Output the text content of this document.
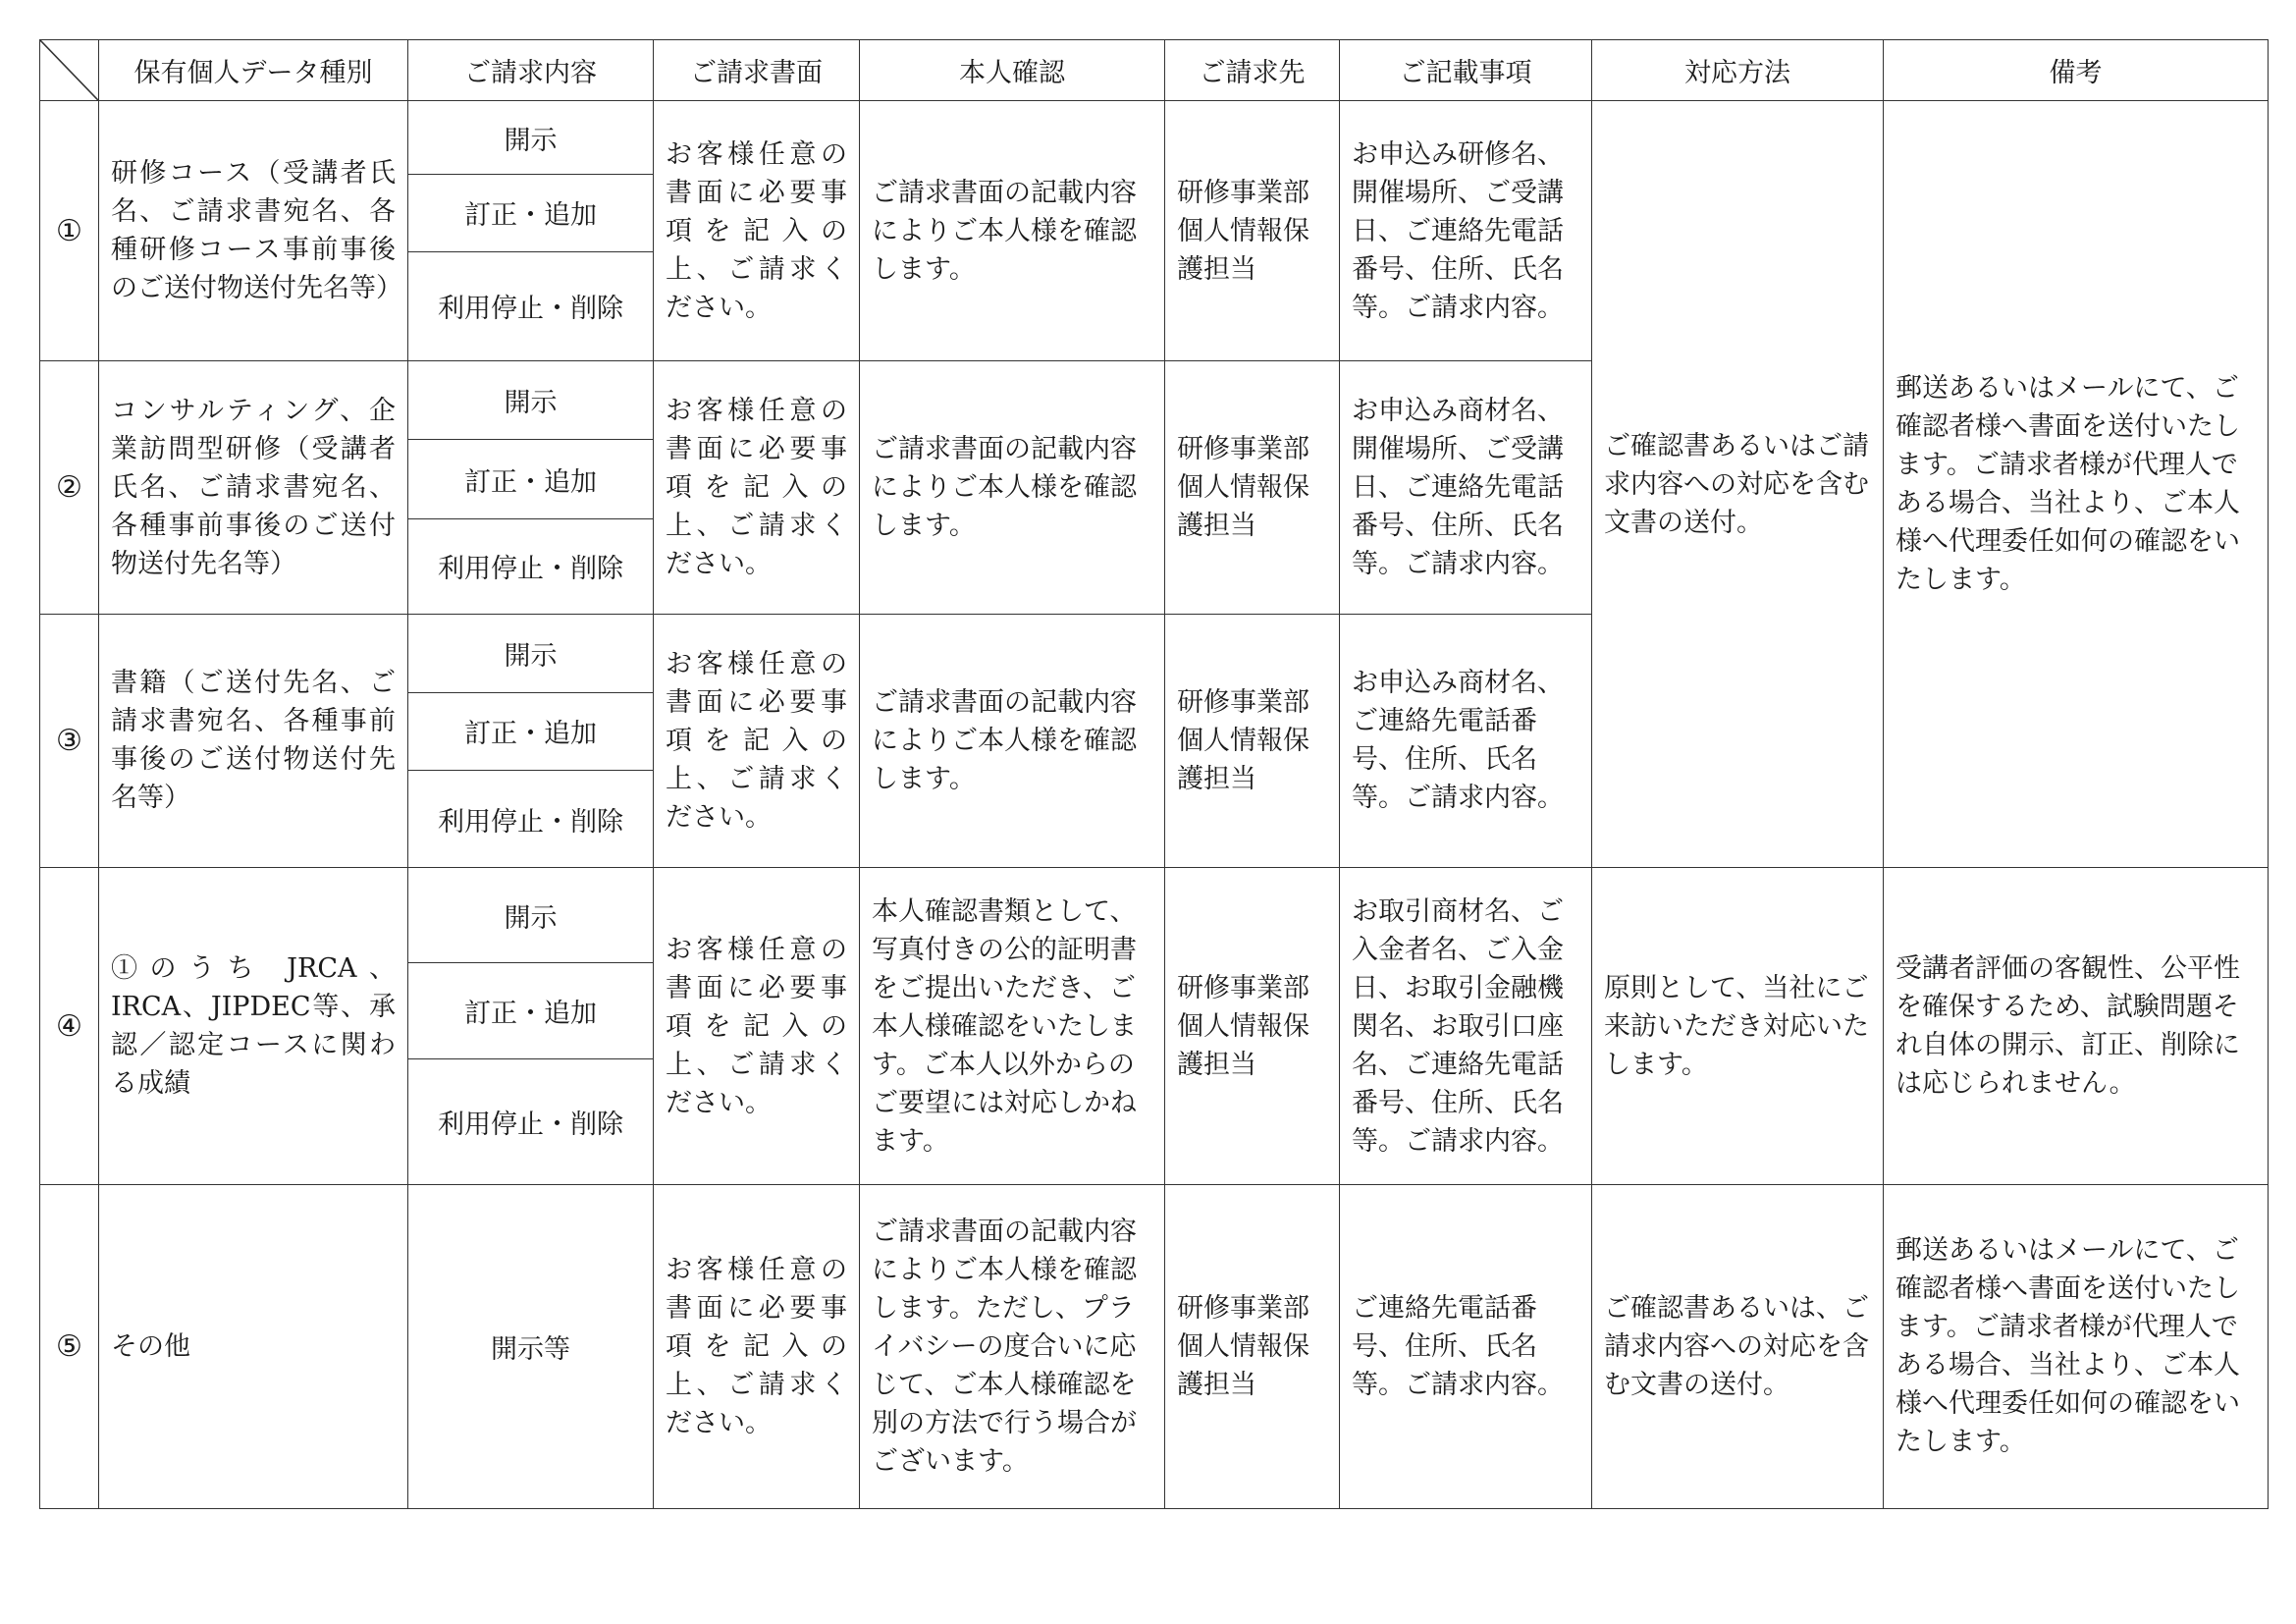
	保有個人データ種別	ご請求内容	ご請求書面	本人確認	ご請求先	ご記載事項	対応方法	備考
①	研修コース（受講者氏名、ご請求書宛名、各種研修コース事前事後のご送付物送付先名等）	開示	お客様任意の書面に必要事項を記入の上、ご請求ください。	ご請求書面の記載内容によりご本人様を確認します。	研修事業部個人情報保護担当	お申込み研修名、開催場所、ご受講日、ご連絡先電話番号、住所、氏名等。ご請求内容。	ご確認書あるいはご請求内容への対応を含む文書の送付。	郵送あるいはメールにて、ご確認者様へ書面を送付いたします。ご請求者様が代理人である場合、当社より、ご本人様へ代理委任如何の確認をいたします。
		訂正・追加						
		利用停止・削除						
②	コンサルティング、企業訪問型研修（受講者氏名、ご請求書宛名、各種事前事後のご送付物送付先名等）	開示	お客様任意の書面に必要事項を記入の上、ご請求ください。	ご請求書面の記載内容によりご本人様を確認します。	研修事業部個人情報保護担当	お申込み商材名、開催場所、ご受講日、ご連絡先電話番号、住所、氏名等。ご請求内容。		
		訂正・追加						
		利用停止・削除						
③	書籍（ご送付先名、ご請求書宛名、各種事前事後のご送付物送付先名等）	開示	お客様任意の書面に必要事項を記入の上、ご請求ください。	ご請求書面の記載内容によりご本人様を確認します。	研修事業部個人情報保護担当	お申込み商材名、ご連絡先電話番号、住所、氏名等。ご請求内容。		
		訂正・追加						
		利用停止・削除						
④	①のうち JRCA、IRCA、JIPDEC等、承認／認定コースに関わる成績	開示	お客様任意の書面に必要事項を記入の上、ご請求ください。	本人確認書類として、写真付きの公的証明書をご提出いただき、ご本人様確認をいたします。ご本人以外からのご要望には対応しかねます。	研修事業部個人情報保護担当	お取引商材名、ご入金者名、ご入金日、お取引金融機関名、お取引口座名、ご連絡先電話番号、住所、氏名等。ご請求内容。	原則として、当社にご来訪いただき対応いたします。	受講者評価の客観性、公平性を確保するため、試験問題それ自体の開示、訂正、削除には応じられません。
		訂正・追加						
		利用停止・削除						
⑤	その他	開示等	お客様任意の書面に必要事項を記入の上、ご請求ください。	ご請求書面の記載内容によりご本人様を確認します。ただし、プライバシーの度合いに応じて、ご本人様確認を別の方法で行う場合がございます。	研修事業部個人情報保護担当	ご連絡先電話番号、住所、氏名等。ご請求内容。	ご確認書あるいは、ご請求内容への対応を含む文書の送付。	郵送あるいはメールにて、ご確認者様へ書面を送付いたします。ご請求者様が代理人である場合、当社より、ご本人様へ代理委任如何の確認をいたします。
